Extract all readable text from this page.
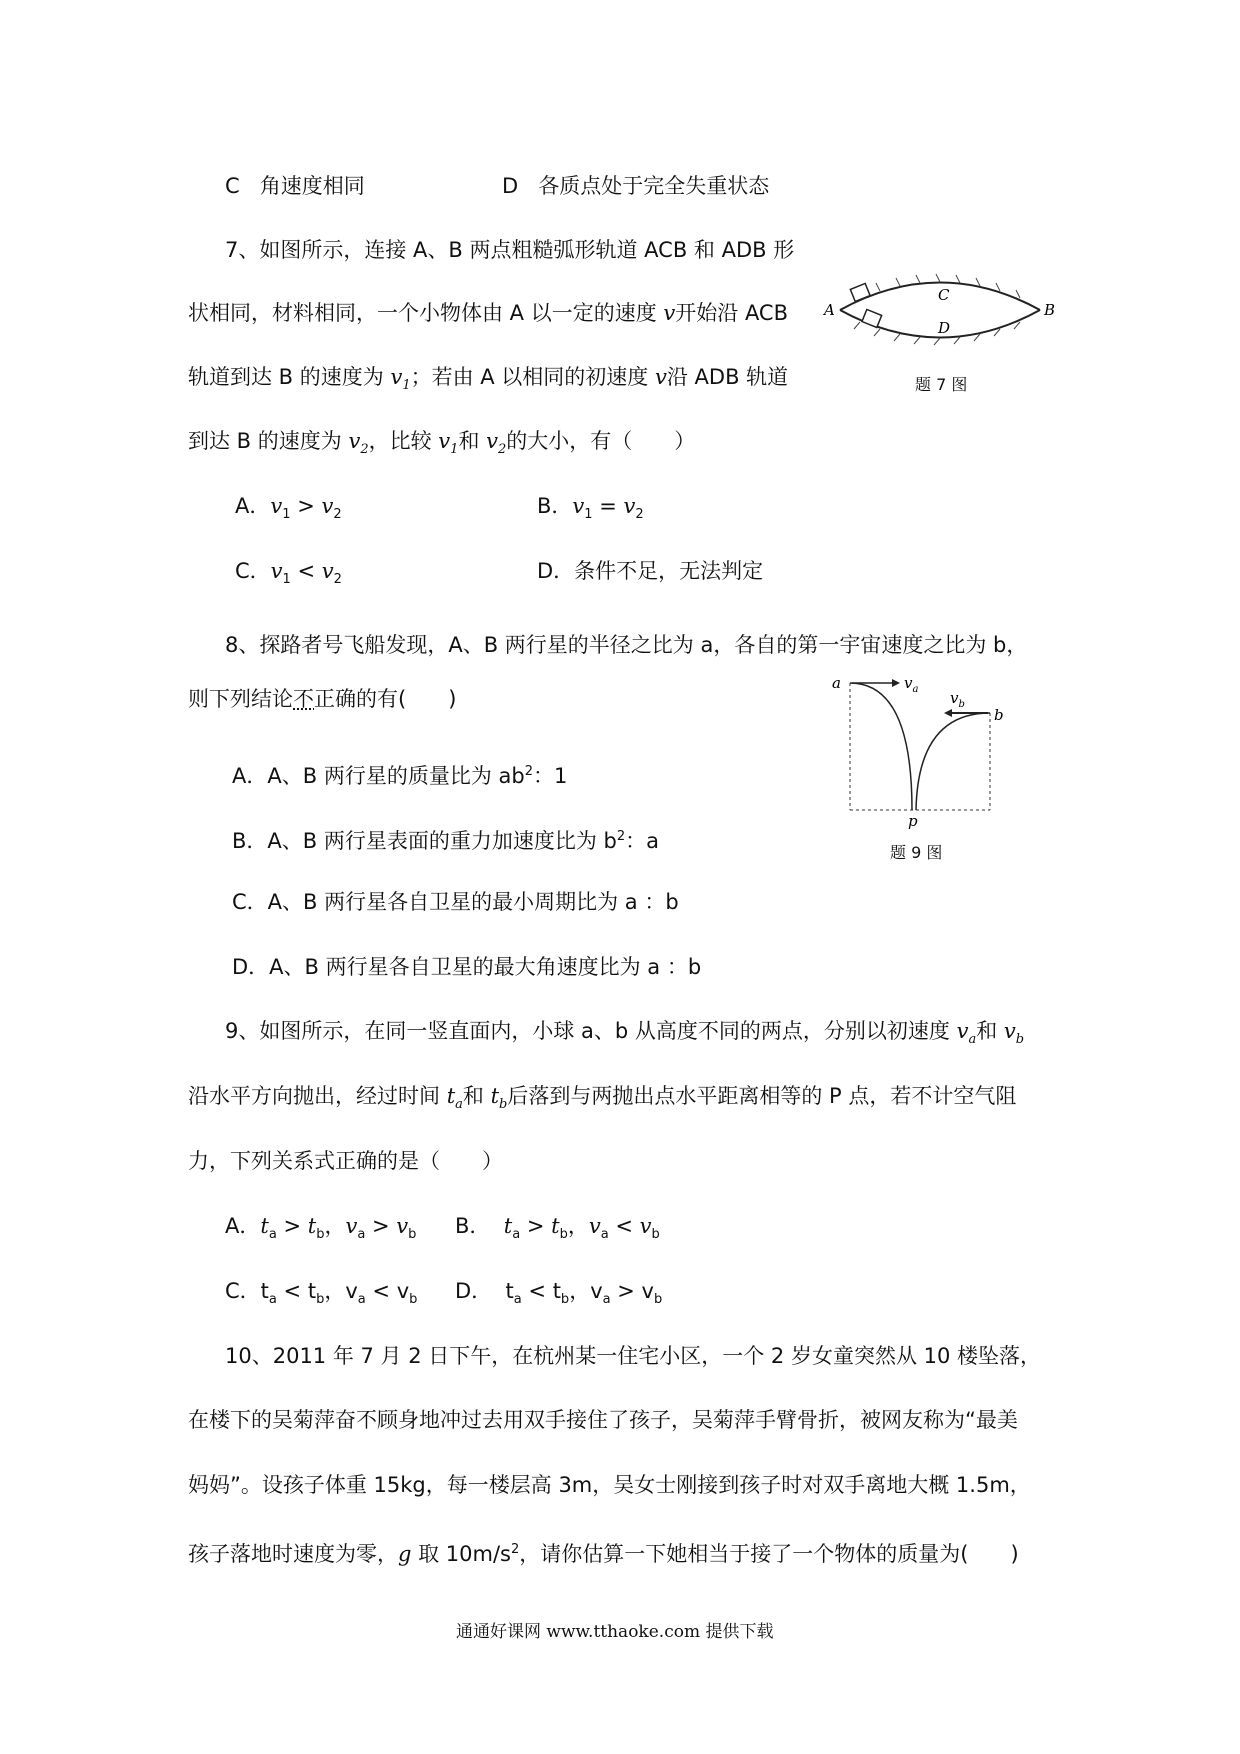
C 角速度相同	D 各质点处于完全失重状态
7、如图所示，连接 A、B 两点粗糙弧形轨道 ACB 和 ADB 形
状相同，材料相同，一个小物体由 A 以一定的速度 v开始沿 ACB
轨道到达 B 的速度为 $v_1$；若由 A 以相同的初速度 v沿 ADB 轨道
到达 B 的速度为 $v_2$，比较 $v_1$和 $v_2$的大小，有（　　）
A．$v_1 > v_2$	B．$v_1 = v_2$
C．$v_1 < v_2$	D．条件不足，无法判定
A
C
D
B
题 7 图
8、探路者号飞船发现，A、B 两行星的半径之比为 a，各自的第一宇宙速度之比为 b，
则下列结论不正确的有(　　)
A．A、B 两行星的质量比为 $ab^2$：1
B．A、B 两行星表面的重力加速度比为 $b^2$：a
C．A、B 两行星各自卫星的最小周期比为 a ：b
D．A、B 两行星各自卫星的最大角速度比为 a ：b
a	$v_a$ $v_b$
b
p
题 9 图
9、如图所示，在同一竖直面内，小球 a、b 从高度不同的两点，分别以初速度 $v_a$和 $v_b$
沿水平方向抛出，经过时间 $t_a$和 $t_b$后落到与两抛出点水平距离相等的 P 点，若不计空气阻
力，下列关系式正确的是（　　）
A．$t_a > t_b$，$v_a > v_b$ B． $t_a > t_b$，$v_a < v_b$
C．$t_a < t_b$，$v_a < v_b$ D． $t_a < t_b$，$v_a > v_b$
10、2011 年 7 月 2 日下午，在杭州某一住宅小区，一个 2 岁女童突然从 10 楼坠落，
在楼下的吴菊萍奋不顾身地冲过去用双手接住了孩子，吴菊萍手臂骨折，被网友称为“最美
妈妈”。设孩子体重 15kg，每一楼层高 3m，吴女士刚接到孩子时对双手离地大概 1.5m，
孩子落地时速度为零，g 取 $10m/s^2$，请你估算一下她相当于接了一个物体的质量为(　　)
通通好课网 www.tthaoke.com 提供下载
